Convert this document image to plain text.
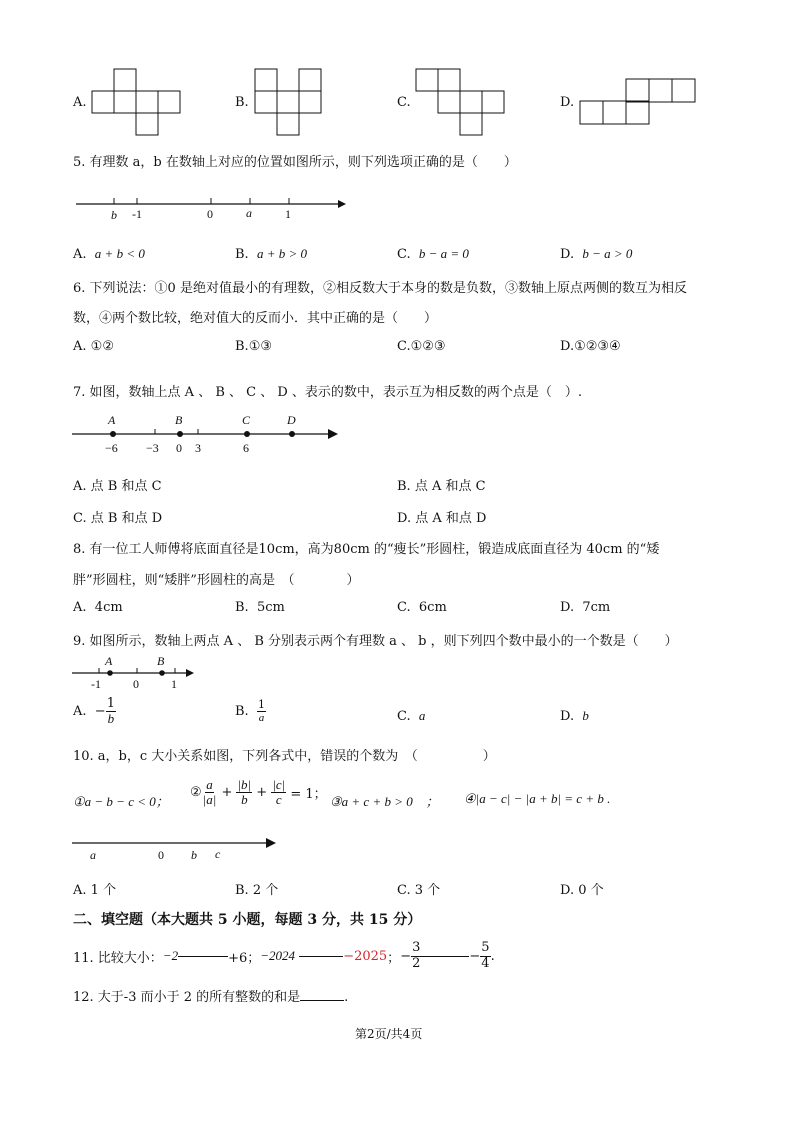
A.	B.	C.	D.
5. 有理数 a，b 在数轴上对应的位置如图所示，则下列选项正确的是（　　）
b -1	0	a	1
A. a + b < 0	B. a + b > 0	C. b − a = 0	D. b − a > 0
6. 下列说法：①0 是绝对值最小的有理数，②相反数大于本身的数是负数，③数轴上原点两侧的数互为相反
数，④两个数比较，绝对值大的反而小．其中正确的是（　　）
A. ①②	B.①③	C.①②③	D.①②③④
7. 如图，数轴上点 A 、 B 、 C 、 D 、表示的数中，表示互为相反数的两个点是（　）.
A	B	C	D
−6 −3 0 3	6
A. 点 B 和点 C	B. 点 A 和点 C
C. 点 B 和点 D	D. 点 A 和点 D
8. 有一位工人师傅将底面直径是10cm，高为80cm 的“瘦长”形圆柱，锻造成底面直径为 40cm 的“矮
胖”形圆柱，则“矮胖”形圆柱的高是　（　　　　）
A. 4cm	B. 5cm	C. 6cm	D. 7cm
9. 如图所示，数轴上两点 A 、 B 分别表示两个有理数 a 、 b ，则下列四个数中最小的一个数是（　　）
A	B
-1	0	1
A.
− $\frac{1}{b}$	B.
$\frac{1}{a}$	C. a	D. b
10. a，b，c 大小关系如图，下列各式中，错误的个数为　（　　　　　）
①a − b − c < 0；
② $\frac{a}{|a|} + \frac{|b|}{b} + \frac{|c|}{c}$
= 1； ③a + c + b > 0　； ④|a − c| − |a + b| = c + b .
a	0 b c
A. 1 个	B. 2 个	C. 3 个	D. 0 个
二、填空题（本大题共 5 小题，每题 3 分，共 15 分）
11. 比较大小： −2	+6； −2024
	−2025 ； − $\frac{3}{2}$	− $\frac{5}{4}$ .
12. 大于-3 而小于 2 的所有整数的和是	.
第2页/共4页
